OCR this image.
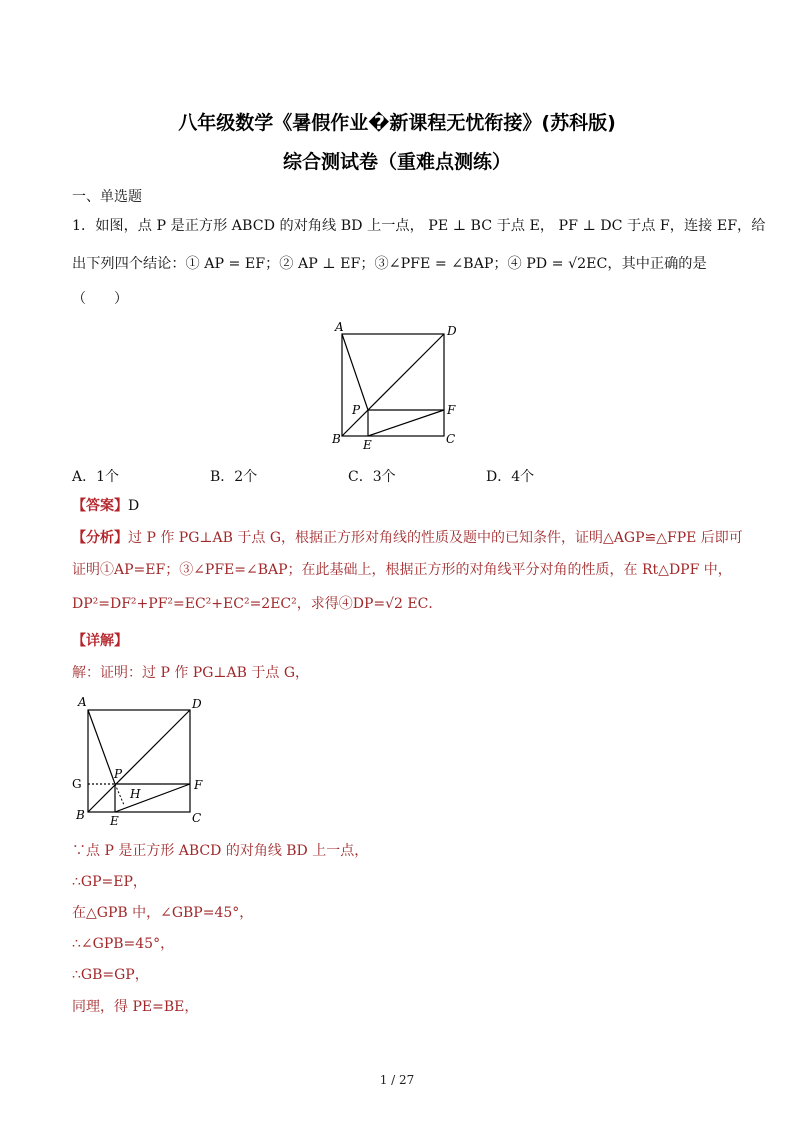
八年级数学《暑假作业�新课程无忧衔接》(苏科版)
综合测试卷（重难点测练）
一、单选题
1．如图，点 P 是正方形 ABCD 的对角线 BD 上一点， PE ⊥ BC 于点 E， PF ⊥ DC 于点 F，连接 EF，给
出下列四个结论：① AP = EF；② AP ⊥ EF；③∠PFE = ∠BAP；④ PD = √2EC，其中正确的是
（　　）
A	D
P	F
B E	C
A．1个	B．2个	C．3个	D．4个
【答案】D
【分析】过 P 作 PG⊥AB 于点 G，根据正方形对角线的性质及题中的已知条件，证明△AGP≌△FPE 后即可
证明①AP=EF；③∠PFE=∠BAP；在此基础上，根据正方形的对角线平分对角的性质，在 Rt△DPF 中，
DP²=DF²+PF²=EC²+EC²=2EC²，求得④DP=√2 EC．
【详解】
解：证明：过 P 作 PG⊥AB 于点 G，
A	D
G
P
F
H
B E	C
∵点 P 是正方形 ABCD 的对角线 BD 上一点，
∴GP=EP，
在△GPB 中，∠GBP=45°，
∴∠GPB=45°，
∴GB=GP，
同理，得 PE=BE，
1 / 27
